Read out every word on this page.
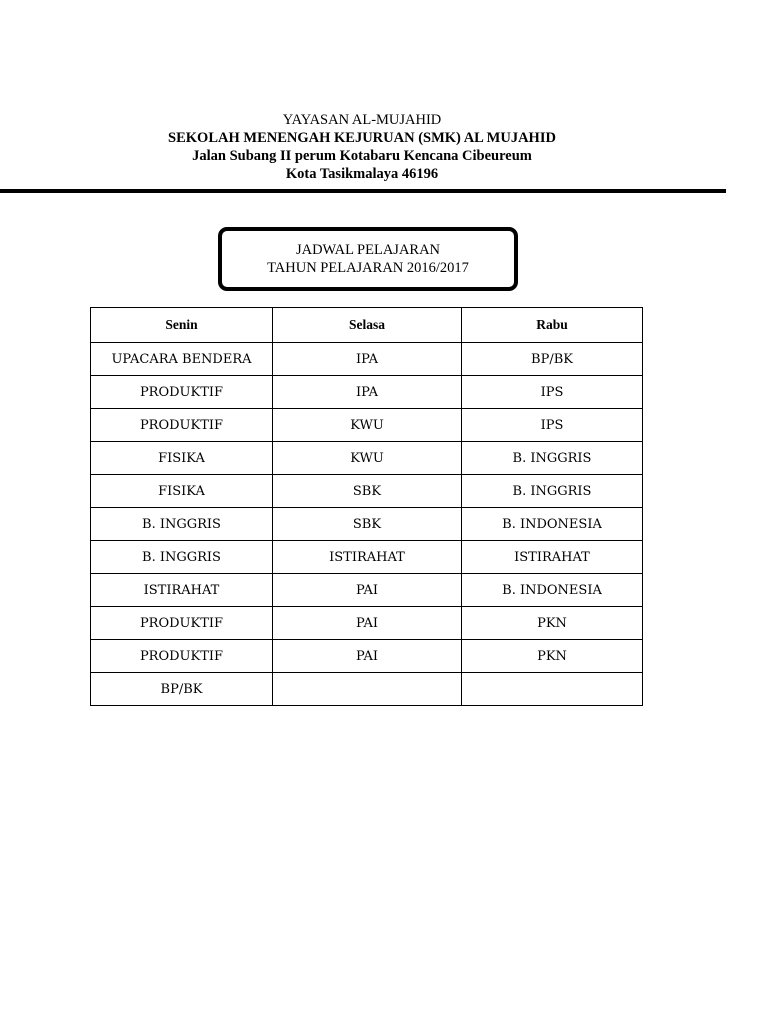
YAYASAN AL-MUJAHID
SEKOLAH MENENGAH KEJURUAN (SMK) AL MUJAHID
Jalan Subang II perum Kotabaru Kencana Cibeureum
Kota Tasikmalaya 46196
JADWAL PELAJARAN
TAHUN PELAJARAN 2016/2017
Senin	Selasa	Rabu
UPACARA BENDERA	IPA	BP/BK
PRODUKTIF	IPA	IPS
PRODUKTIF	KWU	IPS
FISIKA	KWU	B. INGGRIS
FISIKA	SBK	B. INGGRIS
B. INGGRIS	SBK	B. INDONESIA
B. INGGRIS	ISTIRAHAT	ISTIRAHAT
ISTIRAHAT	PAI	B. INDONESIA
PRODUKTIF	PAI	PKN
PRODUKTIF	PAI	PKN
BP/BK		
